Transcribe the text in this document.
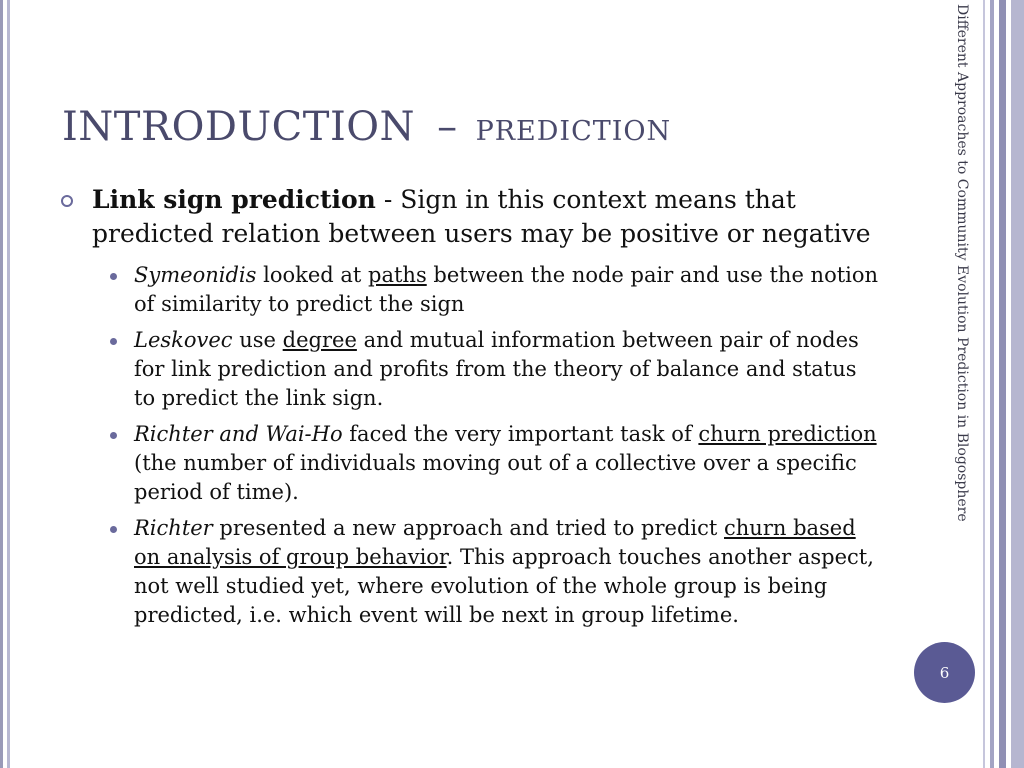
INTRODUCTION – PREDICTION	Different Approaches to Community Evolution Prediction in Blogosphere
6
Link sign prediction - Sign in this context means that predicted relation between users may be positive or negative
Symeonidis looked at paths between the node pair and use the notion of similarity to predict the sign
Leskovec use degree and mutual information between pair of nodes for link prediction and profits from the theory of balance and status to predict the link sign.
Richter and Wai-Ho faced the very important task of churn prediction (the number of individuals moving out of a collective over a specific period of time).
Richter presented a new approach and tried to predict churn based on analysis of group behavior. This approach touches another aspect, not well studied yet, where evolution of the whole group is being predicted, i.e. which event will be next in group lifetime.
